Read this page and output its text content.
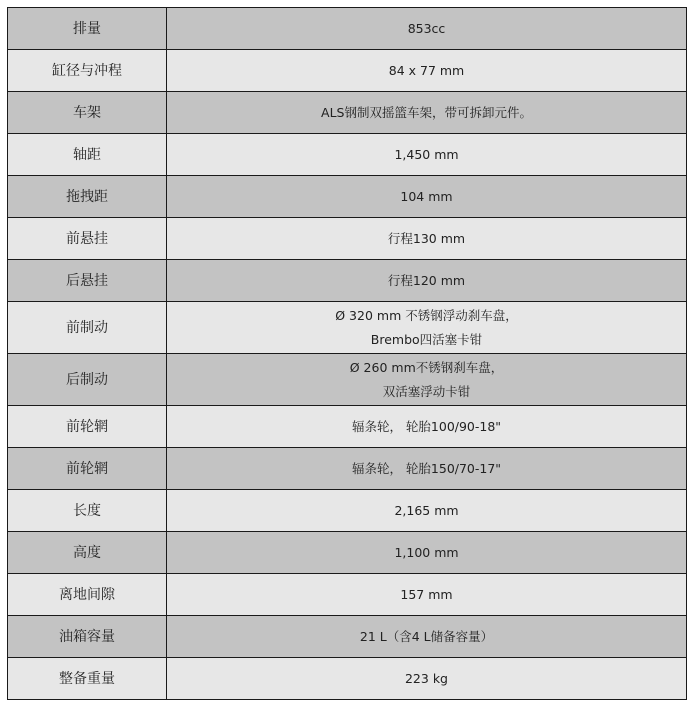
排量	853cc

缸径与冲程	84 x 77 mm

车架	ALS钢制双摇篮车架，带可拆卸元件。

轴距	1,450 mm

拖拽距	104 mm

前悬挂	行程130 mm

后悬挂	行程120 mm

前制动	Ø 320 mm 不锈钢浮动刹车盘，
Brembo四活塞卡钳

后制动	Ø 260 mm不锈钢刹车盘，
双活塞浮动卡钳

前轮辋	辐条轮， 轮胎100/90-18"

前轮辋	辐条轮， 轮胎150/70-17"

长度	2,165 mm

高度	1,100 mm

离地间隙	157 mm

油箱容量	21 L（含4 L储备容量）

整备重量	223 kg
